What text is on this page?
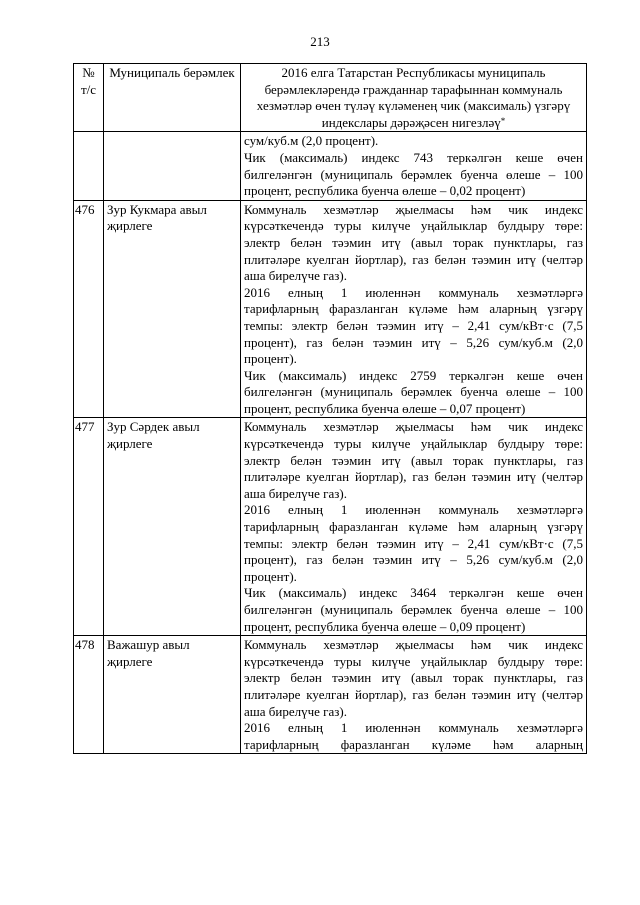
213
№ т/с	Муниципаль берәмлек	2016 елга Татарстан Республикасы муниципаль берәмлекләрендә гражданнар тарафыннан коммуналь хезмәтләр өчен түләү күләменең чик (максималь) үзгәрү индекслары дәрәҗәсен нигезләү*

		сум/куб.м (2,0 процент).

Чик (максималь) индекс 743 теркәлгән кеше өчен билгеләнгән (муниципаль берәмлек буенча өлеше – 100 процент, республика буенча өлеше – 0,02 процент)

476	Зур Кукмара авыл җирлеге	Коммуналь хезмәтләр җыелмасы һәм чик индекс күрсәткечендә туры килүче уңайлыклар булдыру төре: электр белән тәэмин итү (авыл торак пунктлары, газ плитәләре куелган йортлар), газ белән тәэмин итү (челтәр аша бирелүче газ).

2016 елның 1 июленнән коммуналь хезмәтләргә тарифларның фаразланган күләме һәм аларның үзгәрү темпы: электр белән тәэмин итү – 2,41 сум/кВт·с (7,5 процент), газ белән тәэмин итү – 5,26 сум/куб.м (2,0 процент).

Чик (максималь) индекс 2759 теркәлгән кеше өчен билгеләнгән (муниципаль берәмлек буенча өлеше – 100 процент, республика буенча өлеше – 0,07 процент)

477	Зур Сәрдек авыл җирлеге	Коммуналь хезмәтләр җыелмасы һәм чик индекс күрсәткечендә туры килүче уңайлыклар булдыру төре: электр белән тәэмин итү (авыл торак пунктлары, газ плитәләре куелган йортлар), газ белән тәэмин итү (челтәр аша бирелүче газ).

2016 елның 1 июленнән коммуналь хезмәтләргә тарифларның фаразланган күләме һәм аларның үзгәрү темпы: электр белән тәэмин итү – 2,41 сум/кВт·с (7,5 процент), газ белән тәэмин итү – 5,26 сум/куб.м (2,0 процент).

Чик (максималь) индекс 3464 теркәлгән кеше өчен билгеләнгән (муниципаль берәмлек буенча өлеше – 100 процент, республика буенча өлеше – 0,09 процент)

478	Важашур авыл җирлеге	Коммуналь хезмәтләр җыелмасы һәм чик индекс күрсәткечендә туры килүче уңайлыклар булдыру төре: электр белән тәэмин итү (авыл торак пунктлары, газ плитәләре куелган йортлар), газ белән тәэмин итү (челтәр аша бирелүче газ).

2016 елның 1 июленнән коммуналь хезмәтләргә тарифларның фаразланган күләме һәм аларның
